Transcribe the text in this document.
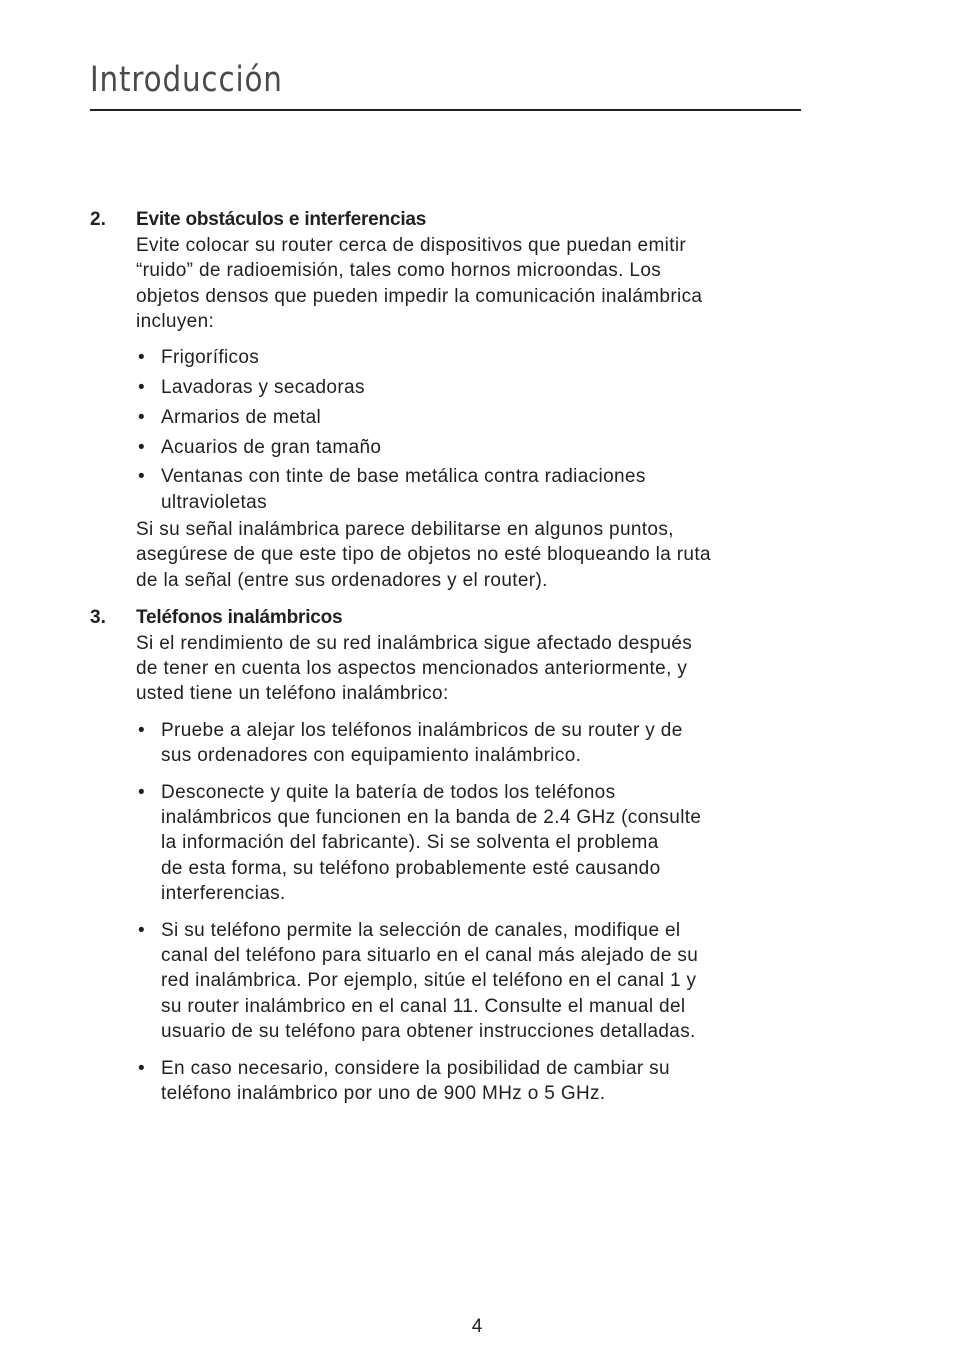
Introducción
2. Evite obstáculos e interferencias

Evite colocar su router cerca de dispositivos que puedan emitir
“ruido” de radioemisión, tales como hornos microondas. Los
objetos densos que pueden impedir la comunicación inalámbrica
incluyen:

• Frigoríficos
• Lavadoras y secadoras
• Armarios de metal
• Acuarios de gran tamaño
• Ventanas con tinte de base metálica contra radiaciones
ultravioletas

Si su señal inalámbrica parece debilitarse en algunos puntos,
asegúrese de que este tipo de objetos no esté bloqueando la ruta
de la señal (entre sus ordenadores y el router).

3. Teléfonos inalámbricos

Si el rendimiento de su red inalámbrica sigue afectado después
de tener en cuenta los aspectos mencionados anteriormente, y
usted tiene un teléfono inalámbrico:

• Pruebe a alejar los teléfonos inalámbricos de su router y de
sus ordenadores con equipamiento inalámbrico.
• Desconecte y quite la batería de todos los teléfonos
inalámbricos que funcionen en la banda de 2.4 GHz (consulte
la información del fabricante). Si se solventa el problema
de esta forma, su teléfono probablemente esté causando
interferencias.
• Si su teléfono permite la selección de canales, modifique el
canal del teléfono para situarlo en el canal más alejado de su
red inalámbrica. Por ejemplo, sitúe el teléfono en el canal 1 y
su router inalámbrico en el canal 11. Consulte el manual del
usuario de su teléfono para obtener instrucciones detalladas.
• En caso necesario, considere la posibilidad de cambiar su
teléfono inalámbrico por uno de 900 MHz o 5 GHz.
4
